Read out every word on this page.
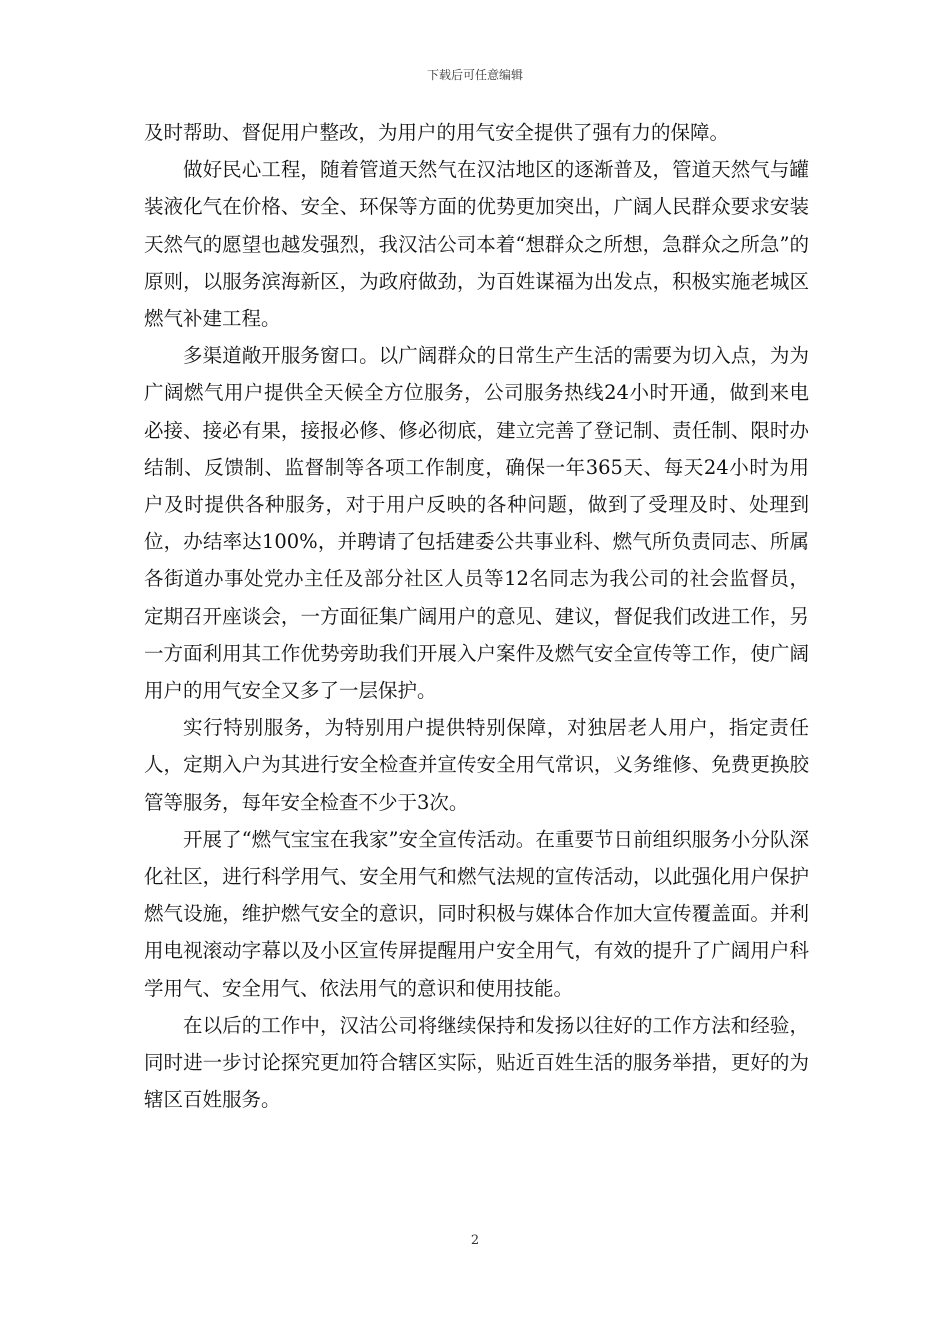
下载后可任意编辑

及时帮助、督促用户整改，为用户的用气安全提供了强有力的保障。

做好民心工程，随着管道天然气在汉沽地区的逐渐普及，管道天然气与罐装液化气在价格、安全、环保等方面的优势更加突出，广阔人民群众要求安装天然气的愿望也越发强烈，我汉沽公司本着“想群众之所想，急群众之所急”的原则，以服务滨海新区，为政府做劲，为百姓谋福为出发点，积极实施老城区燃气补建工程。

多渠道敞开服务窗口。以广阔群众的日常生产生活的需要为切入点，为为广阔燃气用户提供全天候全方位服务，公司服务热线24小时开通，做到来电必接、接必有果，接报必修、修必彻底，建立完善了登记制、责任制、限时办结制、反馈制、监督制等各项工作制度，确保一年365天、每天24小时为用户及时提供各种服务，对于用户反映的各种问题，做到了受理及时、处理到位，办结率达100%，并聘请了包括建委公共事业科、燃气所负责同志、所属各街道办事处党办主任及部分社区人员等12名同志为我公司的社会监督员，定期召开座谈会，一方面征集广阔用户的意见、建议，督促我们改进工作，另一方面利用其工作优势旁助我们开展入户案件及燃气安全宣传等工作，使广阔用户的用气安全又多了一层保护。

实行特别服务，为特别用户提供特别保障，对独居老人用户，指定责任人，定期入户为其进行安全检查并宣传安全用气常识，义务维修、免费更换胶管等服务，每年安全检查不少于3次。

开展了“燃气宝宝在我家”安全宣传活动。在重要节日前组织服务小分队深化社区，进行科学用气、安全用气和燃气法规的宣传活动，以此强化用户保护燃气设施，维护燃气安全的意识，同时积极与媒体合作加大宣传覆盖面。并利用电视滚动字幕以及小区宣传屏提醒用户安全用气，有效的提升了广阔用户科学用气、安全用气、依法用气的意识和使用技能。

在以后的工作中，汉沽公司将继续保持和发扬以往好的工作方法和经验，同时进一步讨论探究更加符合辖区实际，贴近百姓生活的服务举措，更好的为辖区百姓服务。

2
